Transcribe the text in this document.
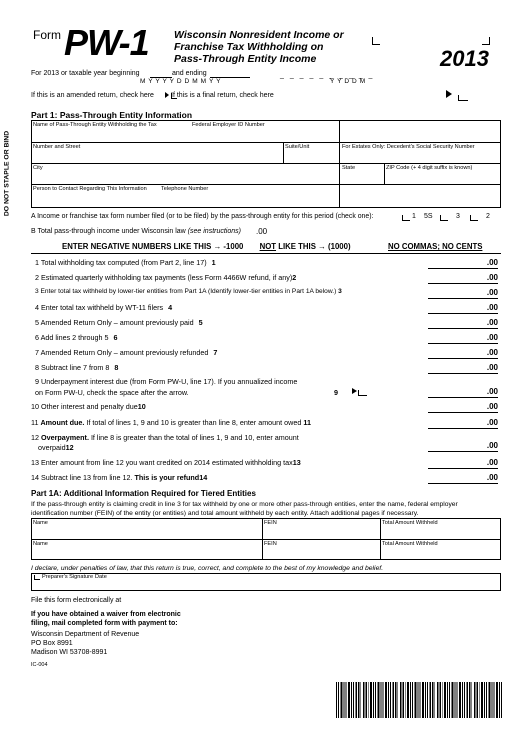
DO NOT STAPLE OR BIND
Form PW-1 Wisconsin Nonresident Income or
Franchise Tax Withholding on
Pass-Through Entity Income	2013
For 2013 or taxable year beginning	and ending
M Y Y Y Y D D M M Y Y
_ _ _ _ _ _ _ _ _ _
Y Y D D M
If this is an amended return, check here If this is a final return, check here
Part 1: Pass-Through Entity Information
Name of Pass-Through Entity Withholding the Tax	Federal Employer ID Number
Number and Street	Suite/Unit	For Estates Only: Decedent's Social Security Number
City	State	ZIP Code (+ 4 digit suffix is known)
Person to Contact Regarding This Information	Telephone Number
A Income or franchise tax form number filed (or to be filed) by the pass-through entity for this period (check one):	1 5S	3	2
B Total pass-through income under Wisconsin law (see instructions) .00
ENTER NEGATIVE NUMBERS LIKE THIS → -1000 NOT LIKE THIS → (1000)	NO COMMAS; NO CENTS
1 Total withholding tax computed (from Part 2, line 17) 1	.00
2 Estimated quarterly withholding tax payments (less Form 4466W refund, if any)2	.00
3 Enter total tax withheld by lower-tier entities from Part 1A (Identify lower-tier entities in Part 1A below.) 3	.00
4 Enter total tax withheld by WT-11 filers 4	.00
5 Amended Return Only – amount previously paid 5	.00
6 Add lines 2 through 5 6	.00
7 Amended Return Only – amount previously refunded 7	.00
8 Subtract line 7 from 8 8	.00
9 Underpayment interest due (from Form PW-U, line 17). If you annualized income
on Form PW-U, check the space after the arrow.	9	.00
10 Other interest and penalty due10	.00
11 Amount due. If total of lines 1, 9 and 10 is greater than line 8, enter amount owed 11	.00
12 Overpayment. If line 8 is greater than the total of lines 1, 9 and 10, enter amount
overpaid12	.00
13 Enter amount from line 12 you want credited on 2014 estimated withholding tax13	.00
14 Subtract line 13 from line 12. This is your refund14	.00
Part 1A: Additional Information Required for Tiered Entities
If the pass-through entity is claiming credit in line 3 for tax withheld by one or more other pass-through entities, enter the name, federal employer
identification number (FEIN) of the entity (or entities) and total amount withheld by each entity. Attach additional pages if necessary.
Name	FEIN	Total Amount Withheld
Name	FEIN	Total Amount Withheld
I declare, under penalties of law, that this return is true, correct, and complete to the best of my knowledge and belief.
Preparer's Signature Date
File this form electronically at
If you have obtained a waiver from electronic
filing, mail completed form with payment to:
Wisconsin Department of Revenue
PO Box 8991
Madison WI 53708-8991
IC-004
